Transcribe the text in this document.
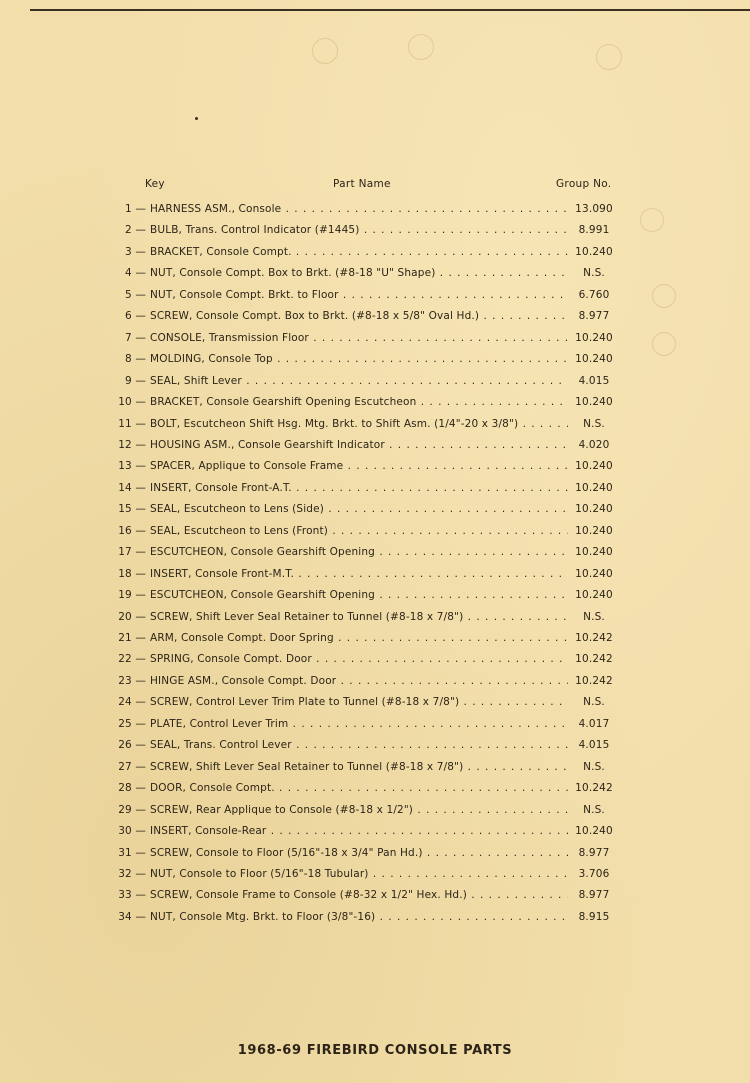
Key	Part Name	Group No.
1 — HARNESS ASM., Console . . .	13.090
2 — BULB, Trans. Control Indicator (#1445) . . .	8.991
3 — BRACKET, Console Compt. . . .	10.240
4 — NUT, Console Compt. Box to Brkt. (#8-18 "U" Shape) . . .	N.S.
5 — NUT, Console Compt. Brkt. to Floor . . .	6.760
6 — SCREW, Console Compt. Box to Brkt. (#8-18 x 5/8" Oval Hd.) . . .	8.977
7 — CONSOLE, Transmission Floor . . .	10.240
8 — MOLDING, Console Top . . .	10.240
9 — SEAL, Shift Lever . . .	4.015
10 — BRACKET, Console Gearshift Opening Escutcheon . . .	10.240
11 — BOLT, Escutcheon Shift Hsg. Mtg. Brkt. to Shift Asm. (1/4"-20 x 3/8") . . .	N.S.
12 — HOUSING ASM., Console Gearshift Indicator . . .	4.020
13 — SPACER, Applique to Console Frame . . .	10.240
14 — INSERT, Console Front-A.T. . . .	10.240
15 — SEAL, Escutcheon to Lens (Side) . . .	10.240
16 — SEAL, Escutcheon to Lens (Front) . . .	10.240
17 — ESCUTCHEON, Console Gearshift Opening . . .	10.240
18 — INSERT, Console Front-M.T. . . .	10.240
19 — ESCUTCHEON, Console Gearshift Opening . . .	10.240
20 — SCREW, Shift Lever Seal Retainer to Tunnel (#8-18 x 7/8") . . .	N.S.
21 — ARM, Console Compt. Door Spring . . .	10.242
22 — SPRING, Console Compt. Door . . .	10.242
23 — HINGE ASM., Console Compt. Door . . .	10.242
24 — SCREW, Control Lever Trim Plate to Tunnel (#8-18 x 7/8") . . .	N.S.
25 — PLATE, Control Lever Trim . . .	4.017
26 — SEAL, Trans. Control Lever . . .	4.015
27 — SCREW, Shift Lever Seal Retainer to Tunnel (#8-18 x 7/8") . . .	N.S.
28 — DOOR, Console Compt. . . .	10.242
29 — SCREW, Rear Applique to Console (#8-18 x 1/2") . . .	N.S.
30 — INSERT, Console-Rear . . .	10.240
31 — SCREW, Console to Floor (5/16"-18 x 3/4" Pan Hd.) . . .	8.977
32 — NUT, Console to Floor (5/16"-18 Tubular) . . .	3.706
33 — SCREW, Console Frame to Console (#8-32 x 1/2" Hex. Hd.) . . .	8.977
34 — NUT, Console Mtg. Brkt. to Floor (3/8"-16) . . .	8.915
1968-69 FIREBIRD CONSOLE PARTS
